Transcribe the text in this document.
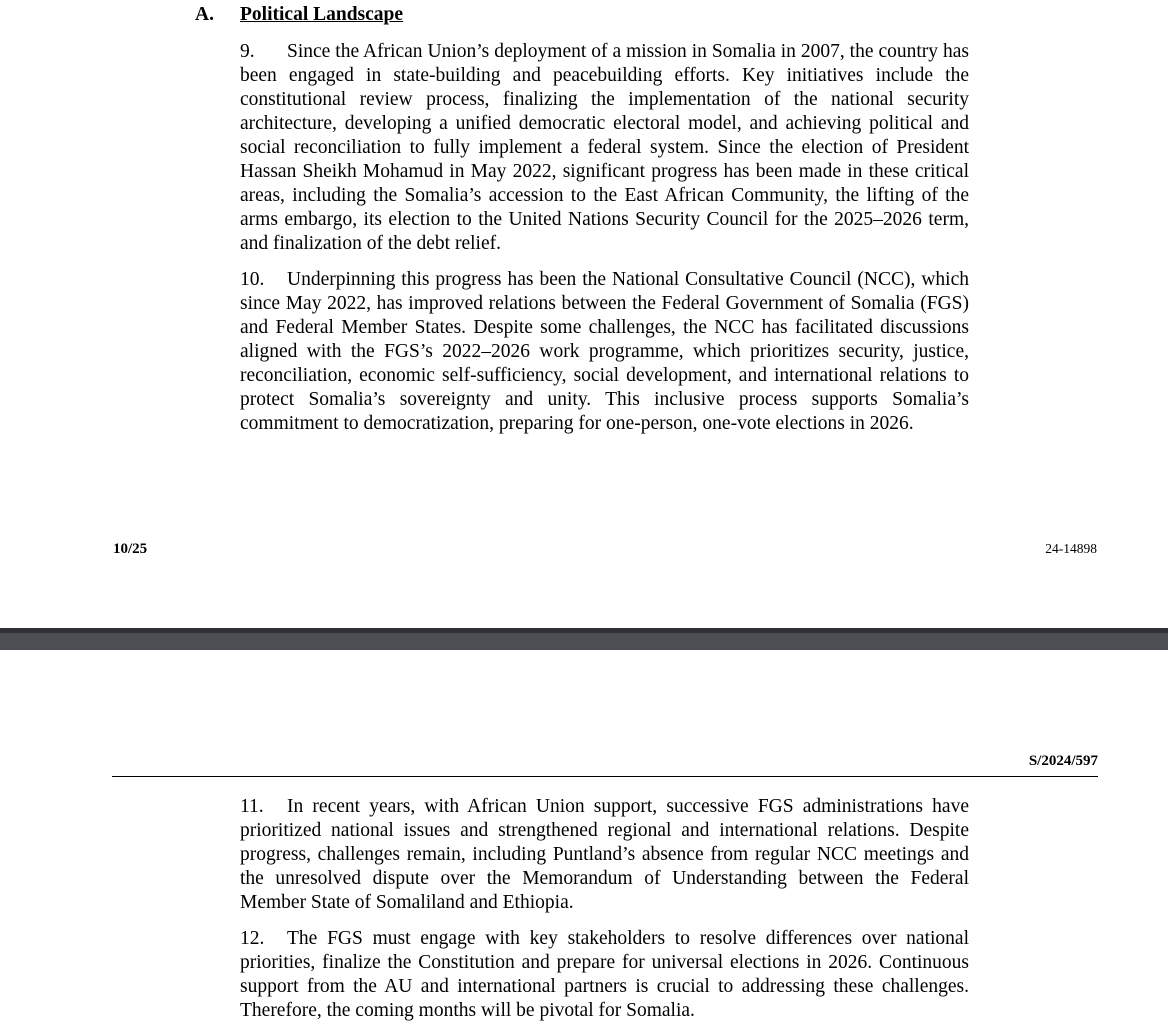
A. Political Landscape

9. Since the African Union’s deployment of a mission in Somalia in 2007, the country has been engaged in state-building and peacebuilding efforts. Key initiatives include the constitutional review process, finalizing the implementation of the national security architecture, developing a unified democratic electoral model, and achieving political and social reconciliation to fully implement a federal system. Since the election of President Hassan Sheikh Mohamud in May 2022, significant progress has been made in these critical areas, including the Somalia’s accession to the East African Community, the lifting of the arms embargo, its election to the United Nations Security Council for the 2025–2026 term, and finalization of the debt relief.

10. Underpinning this progress has been the National Consultative Council (NCC), which since May 2022, has improved relations between the Federal Government of Somalia (FGS) and Federal Member States. Despite some challenges, the NCC has facilitated discussions aligned with the FGS’s 2022–2026 work programme, which prioritizes security, justice, reconciliation, economic self-sufficiency, social development, and international relations to protect Somalia’s sovereignty and unity. This inclusive process supports Somalia’s commitment to democratization, preparing for one-person, one-vote elections in 2026.

10/25	24-14898
S/2024/597

11. In recent years, with African Union support, successive FGS administrations have prioritized national issues and strengthened regional and international relations. Despite progress, challenges remain, including Puntland’s absence from regular NCC meetings and the unresolved dispute over the Memorandum of Understanding between the Federal Member State of Somaliland and Ethiopia.

12. The FGS must engage with key stakeholders to resolve differences over national priorities, finalize the Constitution and prepare for universal elections in 2026. Continuous support from the AU and international partners is crucial to addressing these challenges. Therefore, the coming months will be pivotal for Somalia.
